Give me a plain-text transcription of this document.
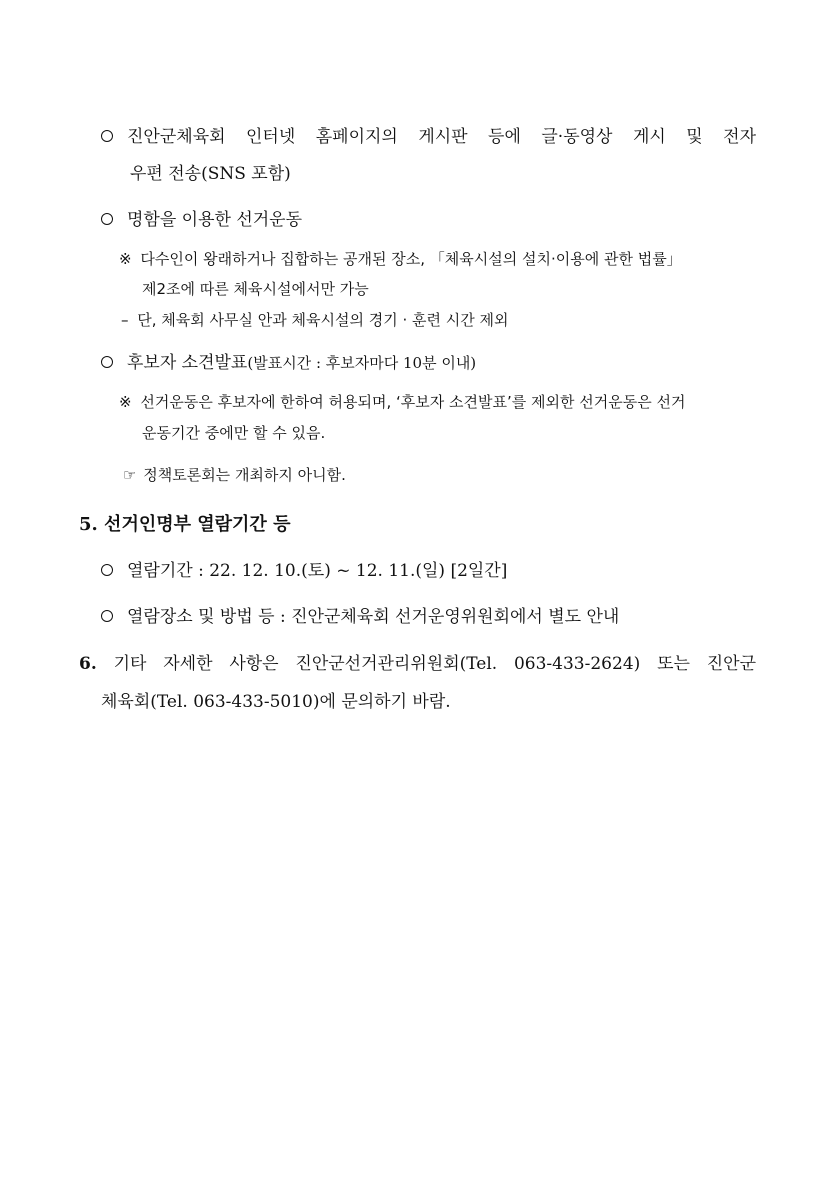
진안군체육회 인터넷 홈페이지의 게시판 등에 글·동영상 게시 및 전자
우편 전송(SNS 포함)
명함을 이용한 선거운동
※ 다수인이 왕래하거나 집합하는 공개된 장소, 「체육시설의 설치·이용에 관한 법률」
제2조에 따른 체육시설에서만 가능
– 단, 체육회 사무실 안과 체육시설의 경기 · 훈련 시간 제외
후보자 소견발표(발표시간 : 후보자마다 10분 이내)
※ 선거운동은 후보자에 한하여 허용되며, ‘후보자 소견발표’를 제외한 선거운동은 선거
운동기간 중에만 할 수 있음.
☞ 정책토론회는 개최하지 아니함.
5. 선거인명부 열람기간 등
열람기간 : 22. 12. 10.(토) ~ 12. 11.(일) [2일간]
열람장소 및 방법 등 : 진안군체육회 선거운영위원회에서 별도 안내
6. 기타 자세한 사항은 진안군선거관리위원회(Tel. 063-433-2624) 또는 진안군
체육회(Tel. 063-433-5010)에 문의하기 바람.
